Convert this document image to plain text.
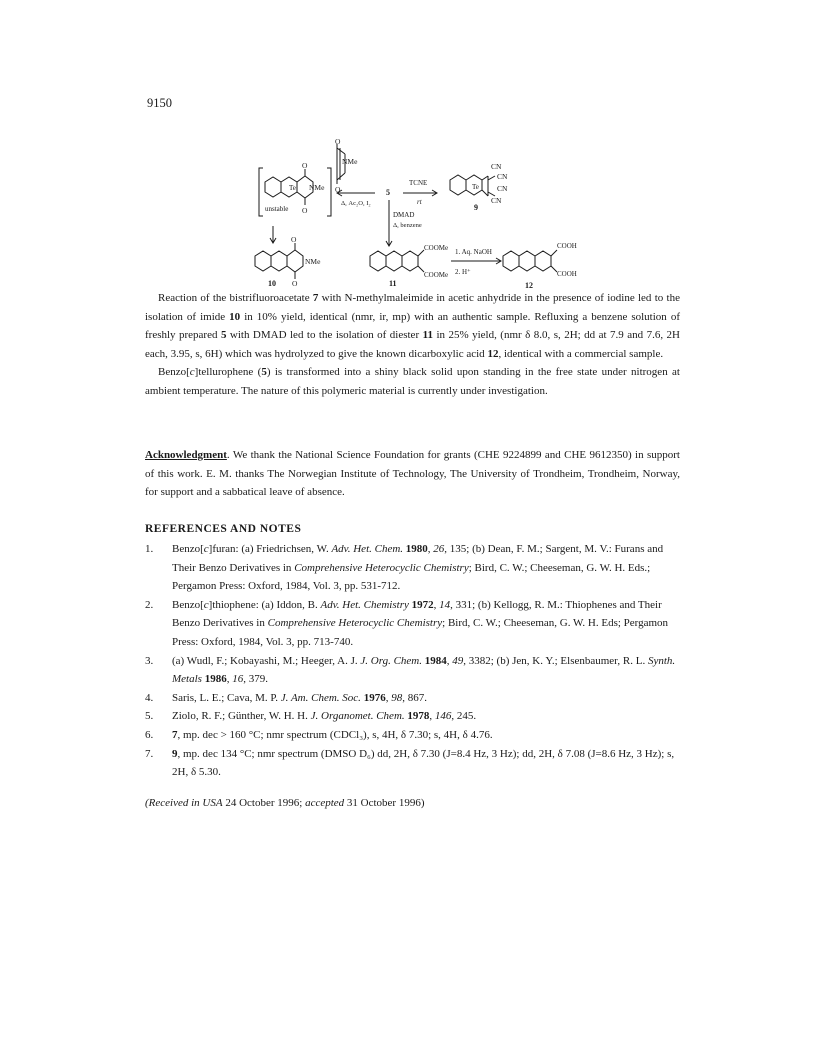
9150
O
NMe
O
O
Te NMe
O
unstable
Δ, Ac₂O, I₂
5
TCNE
rt
CN
CN
CN
CN
Te
9
DMAD
Δ, benzene
O
NMe
O
10
COOMe
COOMe
11
1. Aq. NaOH
2. H⁺
COOH
COOH
12

Reaction of the bistrifluoroacetate 7 with N-methylmaleimide in acetic anhydride in the presence of iodine led to the isolation of imide 10 in 10% yield, identical (nmr, ir, mp) with an authentic sample. Refluxing a benzene solution of freshly prepared 5 with DMAD led to the isolation of diester 11 in 25% yield, (nmr δ 8.0, s, 2H; dd at 7.9 and 7.6, 2H each, 3.95, s, 6H) which was hydrolyzed to give the known dicarboxylic acid 12, identical with a commercial sample.

Benzo[c]tellurophene (5) is transformed into a shiny black solid upon standing in the free state under nitrogen at ambient temperature. The nature of this polymeric material is currently under investigation.

Acknowledgment. We thank the National Science Foundation for grants (CHE 9224899 and CHE 9612350) in support of this work. E. M. thanks The Norwegian Institute of Technology, The University of Trondheim, Trondheim, Norway, for support and a sabbatical leave of absence.

REFERENCES AND NOTES
1. Benzo[c]furan: (a) Friedrichsen, W. Adv. Het. Chem. 1980, 26, 135; (b) Dean, F. M.; Sargent, M. V.: Furans and Their Benzo Derivatives in Comprehensive Heterocyclic Chemistry; Bird, C. W.; Cheeseman, G. W. H. Eds.; Pergamon Press: Oxford, 1984, Vol. 3, pp. 531-712.
2. Benzo[c]thiophene: (a) Iddon, B. Adv. Het. Chemistry 1972, 14, 331; (b) Kellogg, R. M.: Thiophenes and Their Benzo Derivatives in Comprehensive Heterocyclic Chemistry; Bird, C. W.; Cheeseman, G. W. H. Eds; Pergamon Press: Oxford, 1984, Vol. 3, pp. 713-740.
3. (a) Wudl, F.; Kobayashi, M.; Heeger, A. J. J. Org. Chem. 1984, 49, 3382; (b) Jen, K. Y.; Elsenbaumer, R. L. Synth. Metals 1986, 16, 379.
4. Saris, L. E.; Cava, M. P. J. Am. Chem. Soc. 1976, 98, 867.
5. Ziolo, R. F.; Günther, W. H. H. J. Organomet. Chem. 1978, 146, 245.
6. 7, mp. dec > 160 °C; nmr spectrum (CDCl₃), s, 4H, δ 7.30; s, 4H, δ 4.76.
7. 9, mp. dec 134 °C; nmr spectrum (DMSO D₆) dd, 2H, δ 7.30 (J=8.4 Hz, 3 Hz); dd, 2H, δ 7.08 (J=8.6 Hz, 3 Hz); s, 2H, δ 5.30.
(Received in USA 24 October 1996; accepted 31 October 1996)
